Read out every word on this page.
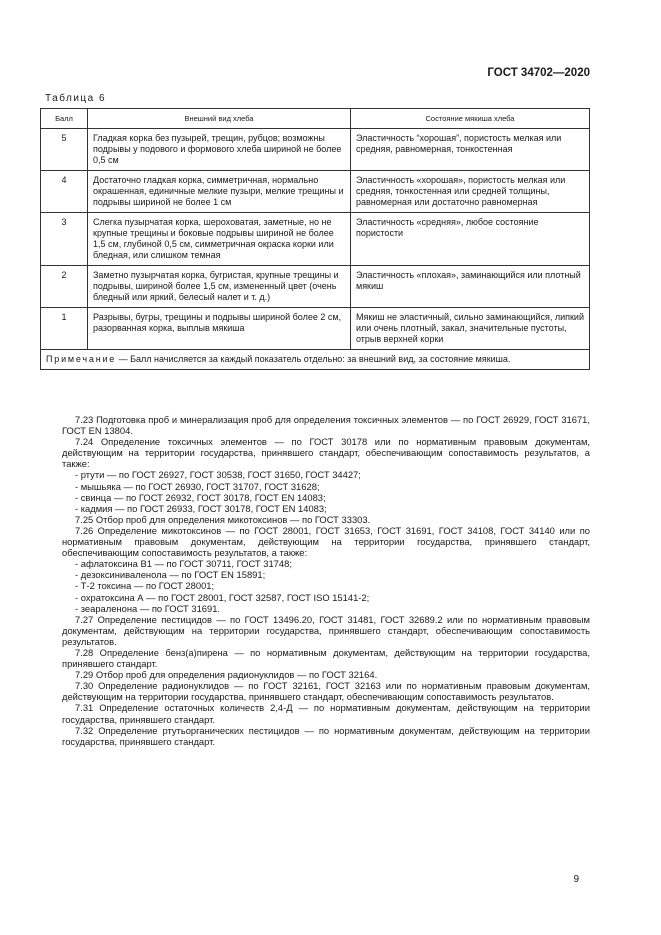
ГОСТ 34702—2020
Таблица 6
Балл	Внешний вид хлеба	Состояние мякиша хлеба
5	Гладкая корка без пузырей, трещин, рубцов; возможны подрывы у подового и формового хлеба шириной не более 0,5 см	Эластичность “хорошая”, пористость мелкая или средняя, равномерная, тонкостенная
4	Достаточно гладкая корка, симметричная, нормально окрашенная, единичные мелкие пузыри, мелкие трещины и подрывы шириной не более 1 см	Эластичность «хорошая», пористость мелкая или средняя, тонкостенная или средней толщины, равномерная или достаточно равномерная
3	Слегка пузырчатая корка, шероховатая, заметные, но не крупные трещины и боковые подрывы шириной не более 1,5 см, глубиной 0,5 см, симметричная окраска корки или бледная, или слишком темная	Эластичность «средняя», любое состояние пористости
2	Заметно пузырчатая корка, бугристая, крупные трещины и подрывы, шириной более 1,5 см, измененный цвет (очень бледный или яркий, белесый налет и т. д.)	Эластичность «плохая», заминающийся или плотный мякиш
1	Разрывы, бугры, трещины и подрывы шириной более 2 см, разорванная корка, выплыв мякиша	Мякиш не эластичный, сильно заминающийся, липкий или очень плотный, закал, значительные пустоты, отрыв верхней корки
Примечание — Балл начисляется за каждый показатель отдельно: за внешний вид, за состояние мякиша.		

7.23 Подготовка проб и минерализация проб для определения токсичных элементов — по ГОСТ 26929, ГОСТ 31671, ГОСТ EN 13804.

7.24 Определение токсичных элементов — по ГОСТ 30178 или по нормативным правовым документам, действующим на территории государства, принявшего стандарт, обеспечивающим сопоставимость результатов, а также:

- ртути — по ГОСТ 26927, ГОСТ 30538, ГОСТ 31650, ГОСТ 34427;

- мышьяка — по ГОСТ 26930, ГОСТ 31707, ГОСТ 31628;

- свинца — по ГОСТ 26932, ГОСТ 30178, ГОСТ EN 14083;

- кадмия — по ГОСТ 26933, ГОСТ 30178, ГОСТ EN 14083;

7.25 Отбор проб для определения микотоксинов — по ГОСТ 33303.

7.26 Определение микотоксинов — по ГОСТ 28001, ГОСТ 31653, ГОСТ 31691, ГОСТ 34108, ГОСТ 34140 или по нормативным правовым документам, действующим на территории государства, принявшего стандарт, обеспечивающим сопоставимость результатов, а также:

- афлатоксина В1 — по ГОСТ 30711, ГОСТ 31748;

- дезоксиниваленола — по ГОСТ EN 15891;

- Т-2 токсина — по ГОСТ 28001;

- охратоксина А — по ГОСТ 28001, ГОСТ 32587, ГОСТ ISO 15141-2;

- зеараленона — по ГОСТ 31691.

7.27 Определение пестицидов — по ГОСТ 13496.20, ГОСТ 31481, ГОСТ 32689.2 или по нормативным правовым документам, действующим на территории государства, принявшего стандарт, обеспечивающим сопоставимость результатов.

7.28 Определение бенз(а)пирена — по нормативным документам, действующим на территории государства, принявшего стандарт.

7.29 Отбор проб для определения радионуклидов — по ГОСТ 32164.

7.30 Определение радионуклидов — по ГОСТ 32161, ГОСТ 32163 или по нормативным правовым документам, действующим на территории государства, принявшего стандарт, обеспечивающим сопоставимость результатов.

7.31 Определение остаточных количеств 2,4-Д — по нормативным документам, действующим на территории государства, принявшего стандарт.

7.32 Определение ртутьорганических пестицидов — по нормативным документам, действующим на территории государства, принявшего стандарт.

9
